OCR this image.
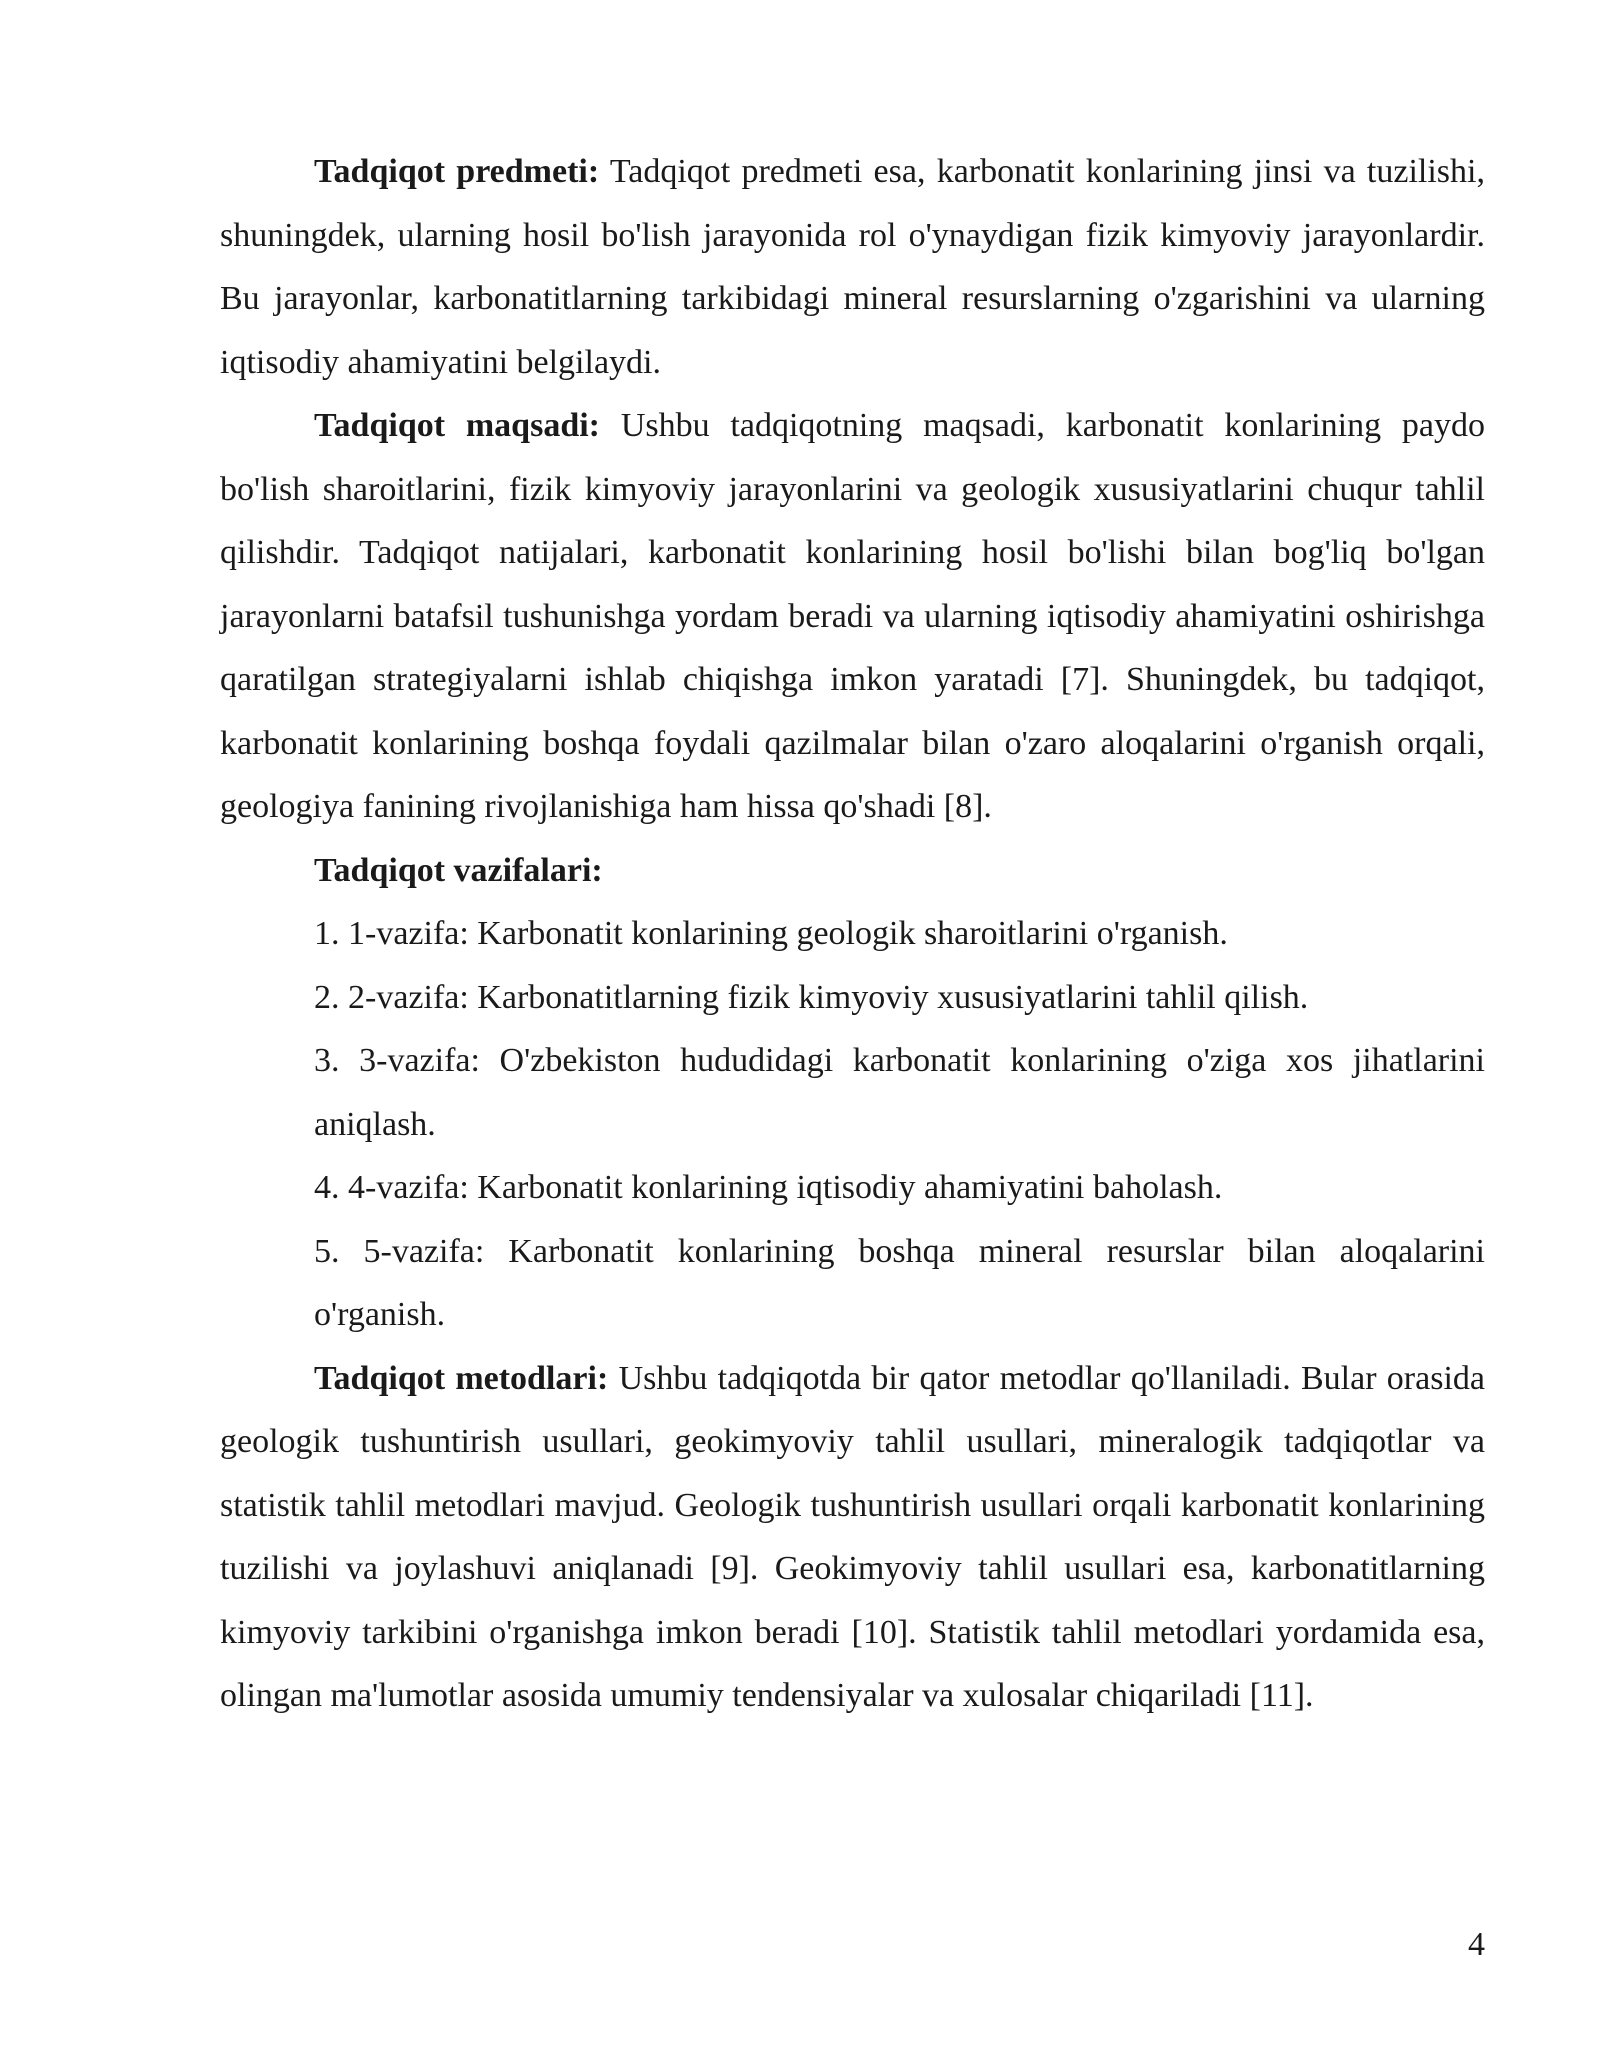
Tadqiqot predmeti: Tadqiqot predmeti esa, karbonatit konlarining jinsi va tuzilishi, shuningdek, ularning hosil bo'lish jarayonida rol o'ynaydigan fizik kimyoviy jarayonlardir. Bu jarayonlar, karbonatitlarning tarkibidagi mineral resurslarning o'zgarishini va ularning iqtisodiy ahamiyatini belgilaydi.

Tadqiqot maqsadi: Ushbu tadqiqotning maqsadi, karbonatit konlarining paydo bo'lish sharoitlarini, fizik kimyoviy jarayonlarini va geologik xususiyatlarini chuqur tahlil qilishdir. Tadqiqot natijalari, karbonatit konlarining hosil bo'lishi bilan bog'liq bo'lgan jarayonlarni batafsil tushunishga yordam beradi va ularning iqtisodiy ahamiyatini oshirishga qaratilgan strategiyalarni ishlab chiqishga imkon yaratadi [7]. Shuningdek, bu tadqiqot, karbonatit konlarining boshqa foydali qazilmalar bilan o'zaro aloqalarini o'rganish orqali, geologiya fanining rivojlanishiga ham hissa qo'shadi [8].

Tadqiqot vazifalari:

1. 1-vazifa: Karbonatit konlarining geologik sharoitlarini o'rganish.

2. 2-vazifa: Karbonatitlarning fizik kimyoviy xususiyatlarini tahlil qilish.

3. 3-vazifa: O'zbekiston hududidagi karbonatit konlarining o'ziga xos jihatlarini aniqlash.

4. 4-vazifa: Karbonatit konlarining iqtisodiy ahamiyatini baholash.

5. 5-vazifa: Karbonatit konlarining boshqa mineral resurslar bilan aloqalarini o'rganish.

Tadqiqot metodlari: Ushbu tadqiqotda bir qator metodlar qo'llaniladi. Bular orasida geologik tushuntirish usullari, geokimyoviy tahlil usullari, mineralogik tadqiqotlar va statistik tahlil metodlari mavjud. Geologik tushuntirish usullari orqali karbonatit konlarining tuzilishi va joylashuvi aniqlanadi [9]. Geokimyoviy tahlil usullari esa, karbonatitlarning kimyoviy tarkibini o'rganishga imkon beradi [10]. Statistik tahlil metodlari yordamida esa, olingan ma'lumotlar asosida umumiy tendensiyalar va xulosalar chiqariladi [11].

4
